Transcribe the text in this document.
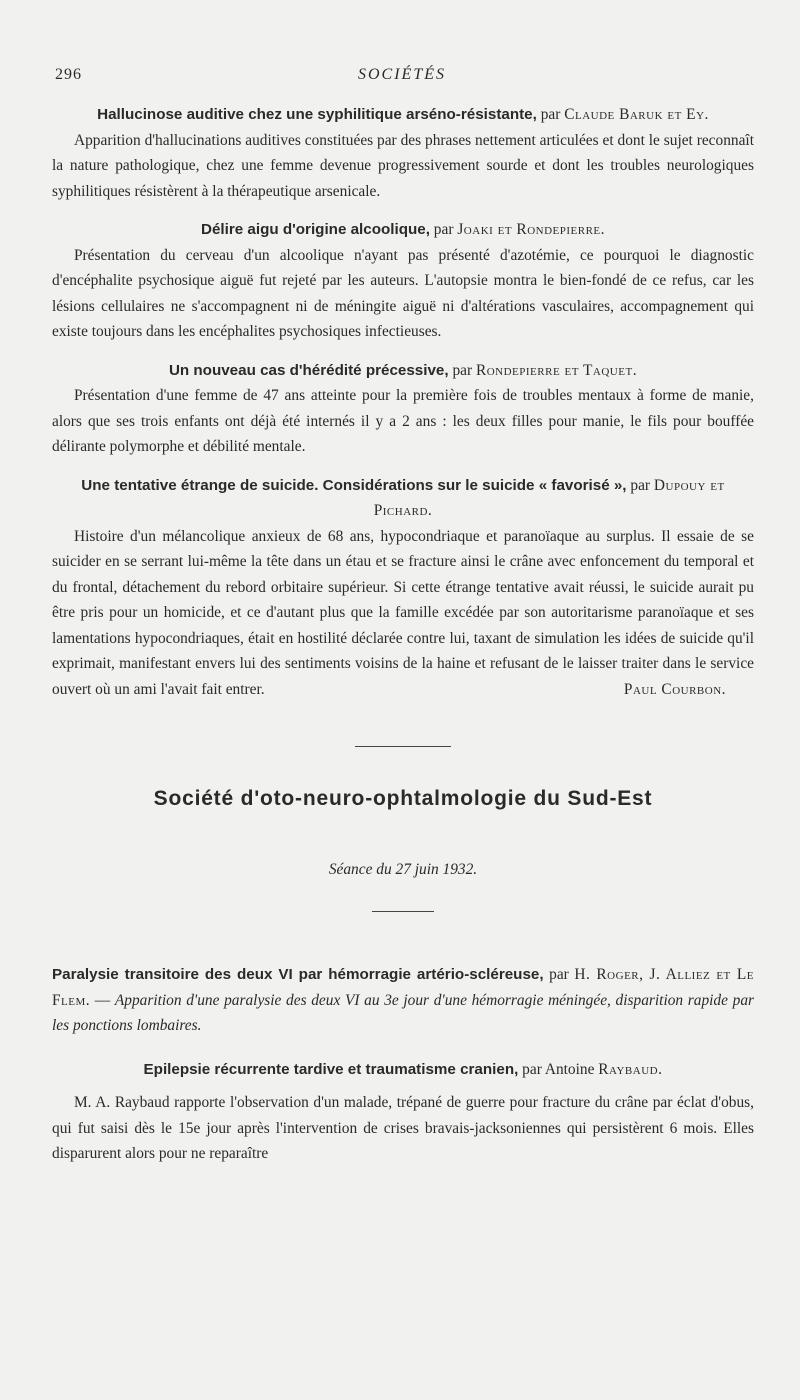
296	SOCIÉTÉS

Hallucinose auditive chez une syphilitique arséno-résistante, par Claude Baruk et Ey.

Apparition d'hallucinations auditives constituées par des phrases nettement articulées et dont le sujet reconnaît la nature pathologique, chez une femme devenue progressivement sourde et dont les troubles neurologiques syphilitiques résistèrent à la thérapeutique arsenicale.

Délire aigu d'origine alcoolique, par Joaki et Rondepierre.

Présentation du cerveau d'un alcoolique n'ayant pas présenté d'azotémie, ce pourquoi le diagnostic d'encéphalite psychosique aiguë fut rejeté par les auteurs. L'autopsie montra le bien-fondé de ce refus, car les lésions cellulaires ne s'accompagnent ni de méningite aiguë ni d'altérations vasculaires, accompagnement qui existe toujours dans les encéphalites psychosiques infectieuses.

Un nouveau cas d'hérédité précessive, par Rondepierre et Taquet.

Présentation d'une femme de 47 ans atteinte pour la première fois de troubles mentaux à forme de manie, alors que ses trois enfants ont déjà été internés il y a 2 ans : les deux filles pour manie, le fils pour bouffée délirante polymorphe et débilité mentale.

Une tentative étrange de suicide. Considérations sur le suicide « favorisé », par Dupouy et Pichard.

Histoire d'un mélancolique anxieux de 68 ans, hypocondriaque et paranoïaque au surplus. Il essaie de se suicider en se serrant lui-même la tête dans un étau et se fracture ainsi le crâne avec enfoncement du temporal et du frontal, détachement du rebord orbitaire supérieur. Si cette étrange tentative avait réussi, le suicide aurait pu être pris pour un homicide, et ce d'autant plus que la famille excédée par son autoritarisme paranoïaque et ses lamentations hypocondriaques, était en hostilité déclarée contre lui, taxant de simulation les idées de suicide qu'il exprimait, manifestant envers lui des sentiments voisins de la haine et refusant de le laisser traiter dans le service ouvert où un ami l'avait fait entrer.	Paul Courbon.

Société d'oto-neuro-ophtalmologie du Sud-Est

Séance du 27 juin 1932.

Paralysie transitoire des deux VI par hémorragie artério-scléreuse, par H. Roger, J. Alliez et Le Flem. — Apparition d'une paralysie des deux VI au 3e jour d'une hémorragie méningée, disparition rapide par les ponctions lombaires.

Epilepsie récurrente tardive et traumatisme cranien, par Antoine Raybaud.

M. A. Raybaud rapporte l'observation d'un malade, trépané de guerre pour fracture du crâne par éclat d'obus, qui fut saisi dès le 15e jour après l'intervention de crises bravais-jacksoniennes qui persistèrent 6 mois. Elles disparurent alors pour ne reparaître
